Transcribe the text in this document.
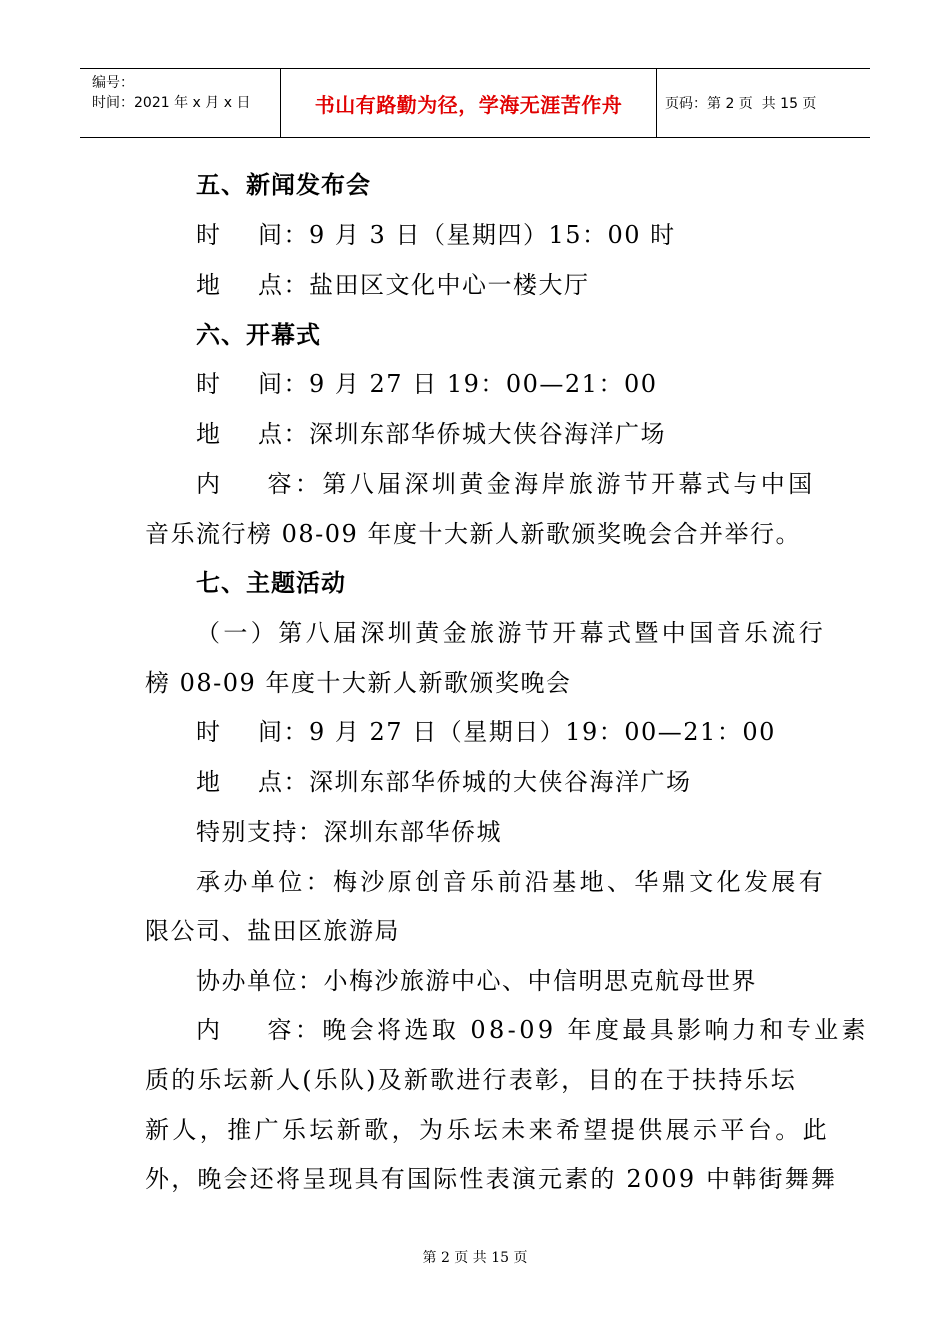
编号：
时间：2021 年 x 月 x 日	书山有路勤为径，学海无涯苦作舟	页码：第 2 页  共 15 页
五、新闻发布会
时    间：9 月 3 日（星期四）15：00 时
地    点：盐田区文化中心一楼大厅
六、开幕式
时    间：9 月 27 日 19：00—21：00
地    点：深圳东部华侨城大侠谷海洋广场
内    容：第八届深圳黄金海岸旅游节开幕式与中国
音乐流行榜 08-09 年度十大新人新歌颁奖晚会合并举行。
七、主题活动
（一）第八届深圳黄金旅游节开幕式暨中国音乐流行
榜 08-09 年度十大新人新歌颁奖晚会
时    间：9 月 27 日（星期日）19：00—21：00
地    点：深圳东部华侨城的大侠谷海洋广场
特别支持：深圳东部华侨城
承办单位：梅沙原创音乐前沿基地、华鼎文化发展有
限公司、盐田区旅游局
协办单位：小梅沙旅游中心、中信明思克航母世界
内    容：晚会将选取 08-09 年度最具影响力和专业素
质的乐坛新人(乐队)及新歌进行表彰，目的在于扶持乐坛
新人，推广乐坛新歌，为乐坛未来希望提供展示平台。此
外，晚会还将呈现具有国际性表演元素的 2009 中韩街舞舞
第 2 页 共 15 页
